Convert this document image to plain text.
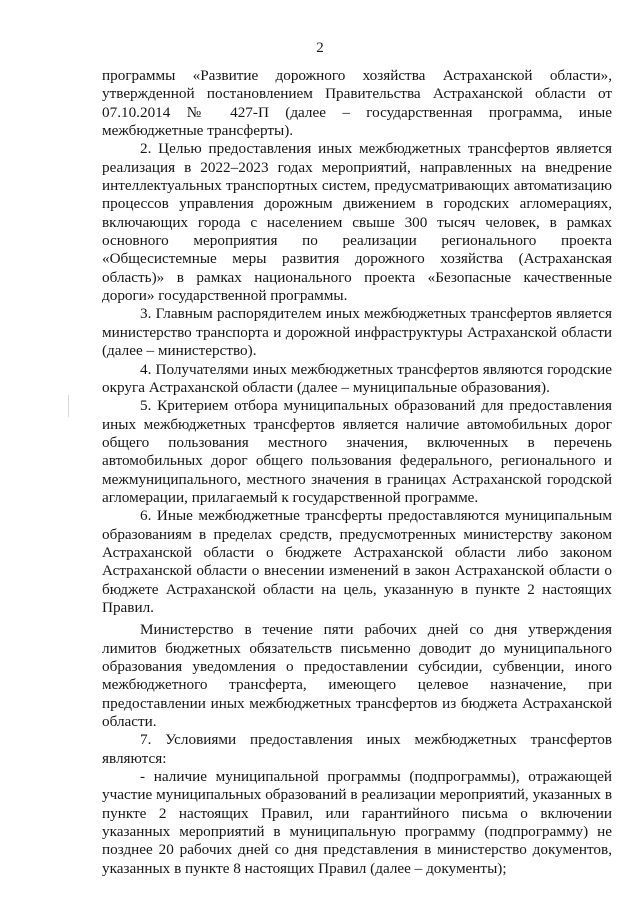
2

программы «Развитие дорожного хозяйства Астраханской области», утвержденной постановлением Правительства Астраханской области от 07.10.2014 № 427-П (далее – государственная программа, иные межбюджетные трансферты).

2. Целью предоставления иных межбюджетных трансфертов является реализация в 2022–2023 годах мероприятий, направленных на внедрение интеллектуальных транспортных систем, предусматривающих автоматизацию процессов управления дорожным движением в городских агломерациях, включающих города с населением свыше 300 тысяч человек, в рамках основного мероприятия по реализации регионального проекта «Общесистемные меры развития дорожного хозяйства (Астраханская область)» в рамках национального проекта «Безопасные качественные дороги» государственной программы.

3. Главным распорядителем иных межбюджетных трансфертов является министерство транспорта и дорожной инфраструктуры Астраханской области (далее – министерство).

4. Получателями иных межбюджетных трансфертов являются городские округа Астраханской области (далее – муниципальные образования).

5. Критерием отбора муниципальных образований для предоставления иных межбюджетных трансфертов является наличие автомобильных дорог общего пользования местного значения, включенных в перечень автомобильных дорог общего пользования федерального, регионального и межмуниципального, местного значения в границах Астраханской городской агломерации, прилагаемый к государственной программе.

6. Иные межбюджетные трансферты предоставляются муниципальным образованиям в пределах средств, предусмотренных министерству законом Астраханской области о бюджете Астраханской области либо законом Астраханской области о внесении изменений в закон Астраханской области о бюджете Астраханской области на цель, указанную в пункте 2 настоящих Правил.

Министерство в течение пяти рабочих дней со дня утверждения лимитов бюджетных обязательств письменно доводит до муниципального образования уведомления о предоставлении субсидии, субвенции, иного межбюджетного трансферта, имеющего целевое назначение, при предоставлении иных межбюджетных трансфертов из бюджета Астраханской области.

7. Условиями предоставления иных межбюджетных трансфертов являются:

- наличие муниципальной программы (подпрограммы), отражающей участие муниципальных образований в реализации мероприятий, указанных в пункте 2 настоящих Правил, или гарантийного письма о включении указанных мероприятий в муниципальную программу (подпрограмму) не позднее 20 рабочих дней со дня представления в министерство документов, указанных в пункте 8 настоящих Правил (далее – документы);
